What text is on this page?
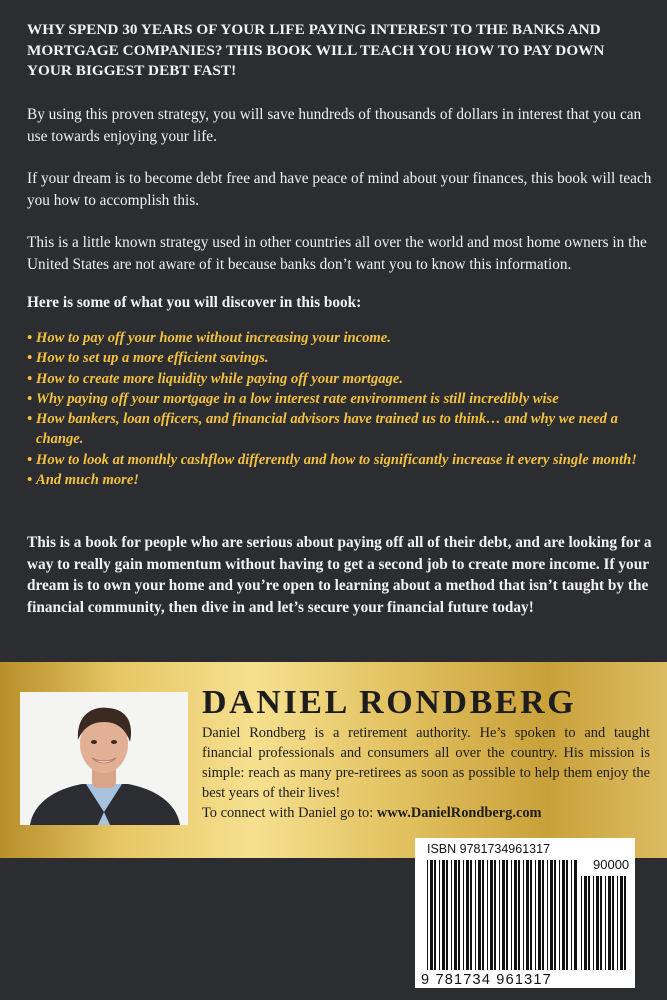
WHY SPEND 30 YEARS OF YOUR LIFE PAYING INTEREST TO THE BANKS AND MORTGAGE COMPANIES? THIS BOOK WILL TEACH YOU HOW TO PAY DOWN YOUR BIGGEST DEBT FAST!

By using this proven strategy, you will save hundreds of thousands of dollars in interest that you can use towards enjoying your life.

If your dream is to become debt free and have peace of mind about your finances, this book will teach you how to accomplish this.

This is a little known strategy used in other countries all over the world and most home owners in the United States are not aware of it because banks don’t want you to know this information.

Here is some of what you will discover in this book:

• How to pay off your home without increasing your income.
• How to set up a more efficient savings.
• How to create more liquidity while paying off your mortgage.
• Why paying off your mortgage in a low interest rate environment is still incredibly wise
• How bankers, loan officers, and financial advisors have trained us to think… and why we need a change.
• How to look at monthly cashflow differently and how to significantly increase it every single month!
• And much more!

This is a book for people who are serious about paying off all of their debt, and are looking for a way to really gain momentum without having to get a second job to create more income. If your dream is to own your home and you’re open to learning about a method that isn’t taught by the financial community, then dive in and let’s secure your financial future today!

DANIEL RONDBERG

Daniel Rondberg is a retirement authority. He’s spoken to and taught financial professionals and consumers all over the country. His mission is simple: reach as many pre-retirees as soon as possible to help them enjoy the best years of their lives!
To connect with Daniel go to: www.DanielRondberg.com

ISBN 9781734961317
90000
9 781734 961317
